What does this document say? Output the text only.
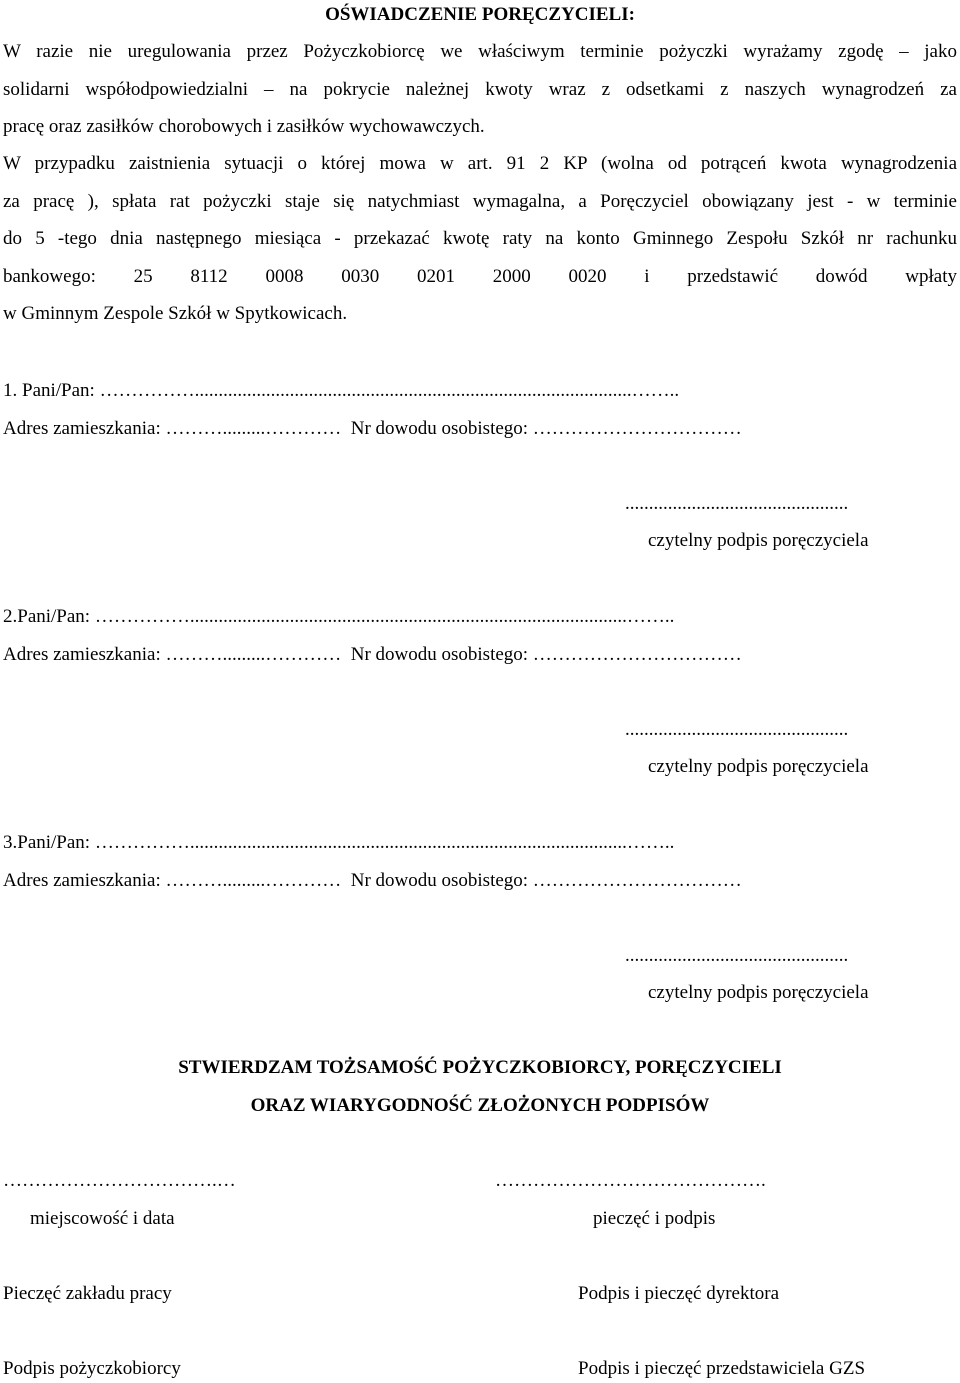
OŚWIADCZENIE PORĘCZYCIELI:
W razie nie uregulowania przez Pożyczkobiorcę we właściwym terminie pożyczki wyrażamy zgodę – jako
solidarni współodpowiedzialni – na pokrycie należnej kwoty wraz z odsetkami z naszych wynagrodzeń za
pracę oraz zasiłków chorobowych i zasiłków wychowawczych.
W przypadku zaistnienia sytuacji o której mowa w art. 91 2 KP (wolna od potrąceń kwota wynagrodzenia
za pracę ), spłata rat pożyczki staje się natychmiast wymagalna, a Poręczyciel obowiązany jest - w terminie
do 5 -tego dnia następnego miesiąca - przekazać kwotę raty na konto Gminnego Zespołu Szkół nr rachunku
bankowego: 25 8112 0008 0030 0201 2000 0020 i przedstawić dowód wpłaty
w Gminnym Zespole Szkół w Spytkowicach.
1. Pani/Pan: ……………............................................................................................……..
Adres zamieszkania: ……….........…………  Nr dowodu osobistego: ……………………………
...............................................
czytelny podpis poręczyciela
2.Pani/Pan: ……………............................................................................................……..
Adres zamieszkania: ……….........…………  Nr dowodu osobistego: ……………………………
...............................................
czytelny podpis poręczyciela
3.Pani/Pan: ……………............................................................................................……..
Adres zamieszkania: ……….........…………  Nr dowodu osobistego: ……………………………
...............................................
czytelny podpis poręczyciela
STWIERDZAM TOŻSAMOŚĆ POŻYCZKOBIORCY, PORĘCZYCIELI
ORAZ WIARYGODNOŚĆ ZŁOŻONYCH PODPISÓW
…………………………….…	…………………………………….
miejscowość i data	pieczęć i podpis
Pieczęć zakładu pracy	Podpis i pieczęć dyrektora
Podpis pożyczkobiorcy	Podpis i pieczęć przedstawiciela GZS
